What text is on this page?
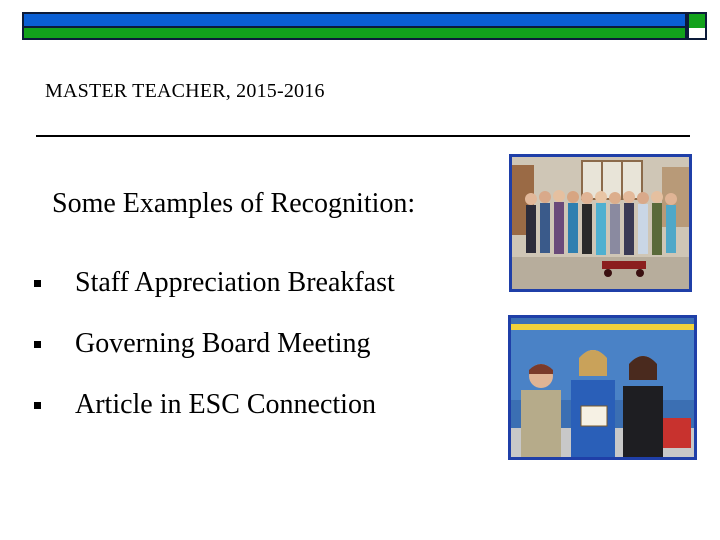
MASTER TEACHER, 2015-2016
Some Examples of Recognition:
Staff Appreciation Breakfast
Governing Board Meeting
Article in ESC Connection
